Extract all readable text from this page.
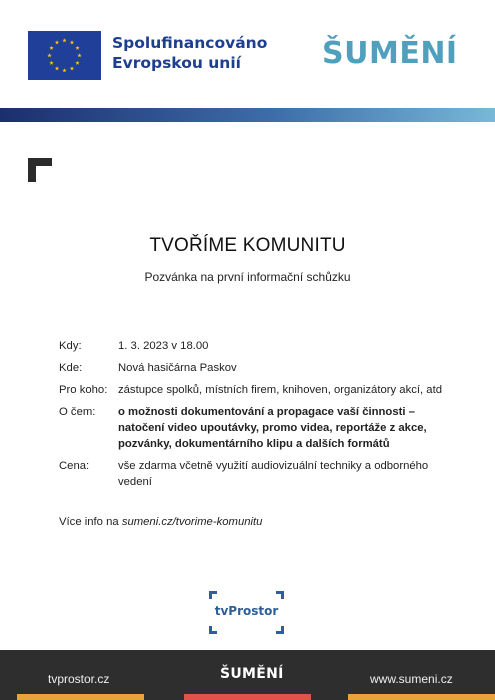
Spolufinancováno
Evropskou unií	ŠUMĚNÍ
TVOŘÍME KOMUNITU
Pozvánka na první informační schůzku
Kdy:	1. 3. 2023 v 18.00
Kde:	Nová hasičárna Paskov
Pro koho: zástupce spolků, místních firem, knihoven, organizátory akcí, atd
O čem:	o možnosti dokumentování a propagace vaší činnosti – natočení video upoutávky, promo videa, reportáže z akce, pozvánky, dokumentárního klipu a dalších formátů
Cena:	vše zdarma včetně využití audiovizuální techniky a odborného vedení
Více info na sumeni.cz/tvorime-komunitu
tvProstor
tvprostor.cz	ŠUMĚNÍ	www.sumeni.cz
